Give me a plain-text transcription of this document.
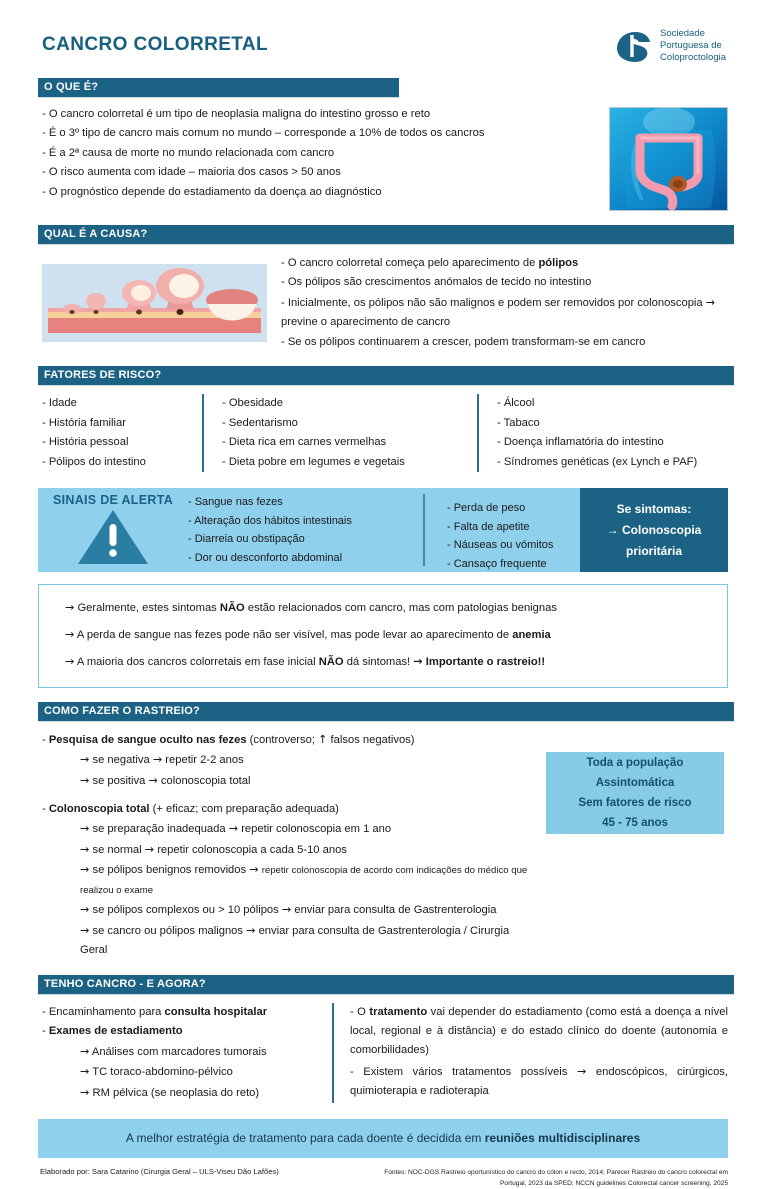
CANCRO COLORRETAL
Sociedade
Portuguesa de
Coloproctologia
O QUE É?
- O cancro colorretal é um tipo de neoplasia maligna do intestino grosso e reto
- É o 3º tipo de cancro mais comum no mundo – corresponde a 10% de todos os cancros
- É a 2ª causa de morte no mundo relacionada com cancro
- O risco aumenta com idade – maioria dos casos > 50 anos
- O prognóstico depende do estadiamento da doença ao diagnóstico
QUAL É A CAUSA?
- O cancro colorretal começa pelo aparecimento de pólipos
- Os pólipos são crescimentos anómalos de tecido no intestino
- Inicialmente, os pólipos não são malignos e podem ser removidos por colonoscopia → previne o aparecimento de cancro
- Se os pólipos continuarem a crescer, podem transformam-se em cancro
FATORES DE RISCO?
- Idade
- História familiar
- História pessoal
- Pólipos do intestino
- Obesidade
- Sedentarismo
- Dieta rica em carnes vermelhas
- Dieta pobre em legumes e vegetais
- Álcool
- Tabaco
- Doença inflamatória do intestino
- Síndromes genéticas (ex Lynch e PAF)
SINAIS DE ALERTA - Sangue nas fezes
- Alteração dos hábitos intestinais
- Diarreia ou obstipação
- Dor ou desconforto abdominal
- Perda de peso
- Falta de apetite
- Náuseas ou vómitos
- Cansaço frequente
Se sintomas:
→ Colonoscopia
prioritária

→ Geralmente, estes sintomas NÃO estão relacionados com cancro, mas com patologias benignas

→ A perda de sangue nas fezes pode não ser visível, mas pode levar ao aparecimento de anemia

→ A maioria dos cancros colorretais em fase inicial NÃO dá sintomas! → Importante o rastreio!!

COMO FAZER O RASTREIO?
- Pesquisa de sangue oculto nas fezes (controverso; ↑ falsos negativos)
→ se negativa → repetir 2-2 anos
→ se positiva → colonoscopia total
- Colonoscopia total (+ eficaz; com preparação adequada)
→ se preparação inadequada → repetir colonoscopia em 1 ano
→ se normal → repetir colonoscopia a cada 5-10 anos
→ se pólipos benignos removidos → repetir colonoscopia de acordo com indicações do médico que realizou o exame
→ se pólipos complexos ou > 10 pólipos → enviar para consulta de Gastrenterologia
→ se cancro ou pólipos malignos → enviar para consulta de Gastrenterologia / Cirurgia Geral
Toda a população
Assintomática
Sem fatores de risco
45 - 75 anos
TENHO CANCRO - E AGORA?
- Encaminhamento para consulta hospitalar
- Exames de estadiamento
→ Análises com marcadores tumorais
→ TC toraco-abdomino-pélvico
→ RM pélvica (se neoplasia do reto)

- O tratamento vai depender do estadiamento (como está a doença a nível local, regional e à distância) e do estado clínico do doente (autonomia e comorbilidades)

- Existem vários tratamentos possíveis → endoscópicos, cirúrgicos, quimioterapia e radioterapia

A melhor estratégia de tratamento para cada doente é decidida em reuniões multidisciplinares
Elaborado por: Sara Catarino (Cirurgia Geral – ULS-Viseu Dão Lafões)	Fontes: NOC-DGS Rastreio oportunístico do cancro do cólon e recto, 2014; Parecer Rastreio do cancro colorectal em Portugal, 2023 da SPED; NCCN guidelines Colorectal cancer screening, 2025
